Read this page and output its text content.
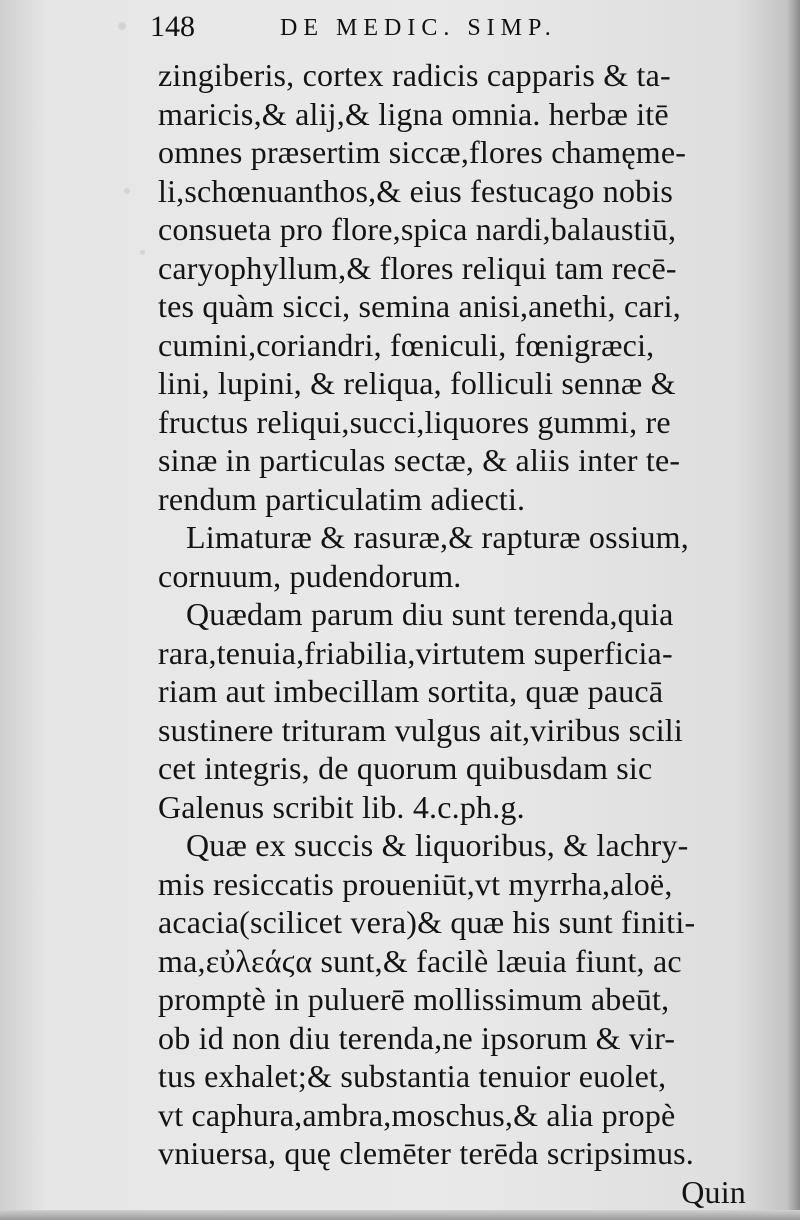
148	DE MEDIC. SIMP.
zingiberis, cortex radicis capparis & ta-
maricis,& alij,& ligna omnia. herbæ itē
omnes præsertim siccæ,flores chamęme-
li,schœnuanthos,& eius festucago nobis
consueta pro flore,spica nardi,balaustiū,
caryophyllum,& flores reliqui tam recē-
tes quàm sicci, semina anisi,anethi, cari,
cumini,coriandri, fœniculi, fœnigræci,
lini, lupini, & reliqua, folliculi sennæ &
fructus reliqui,succi,liquores gummi, re
sinæ in particulas sectæ, & aliis inter te-
rendum particulatim adiecti.
Limaturæ & rasuræ,& rapturæ ossium,
cornuum, pudendorum.
Quædam parum diu sunt terenda,quia
rara,tenuia,friabilia,virtutem superficia-
riam aut imbecillam sortita, quæ paucā
sustinere trituram vulgus ait,viribus scili
cet integris, de quorum quibusdam sic
Galenus scribit lib. 4.c.ph.g.
Quæ ex succis & liquoribus, & lachry-
mis resiccatis proueniūt,vt myrrha,aloë,
acacia(scilicet vera)& quæ his sunt finiti-
ma,εὐλεάϛα sunt,& facilè læuia fiunt, ac
promptè in puluerē mollissimum abeūt,
ob id non diu terenda,ne ipsorum & vir-
tus exhalet;& substantia tenuior euolet,
vt caphura,ambra,moschus,& alia propè
vniuersa, quę clemēter terēda scripsimus.
Quin
